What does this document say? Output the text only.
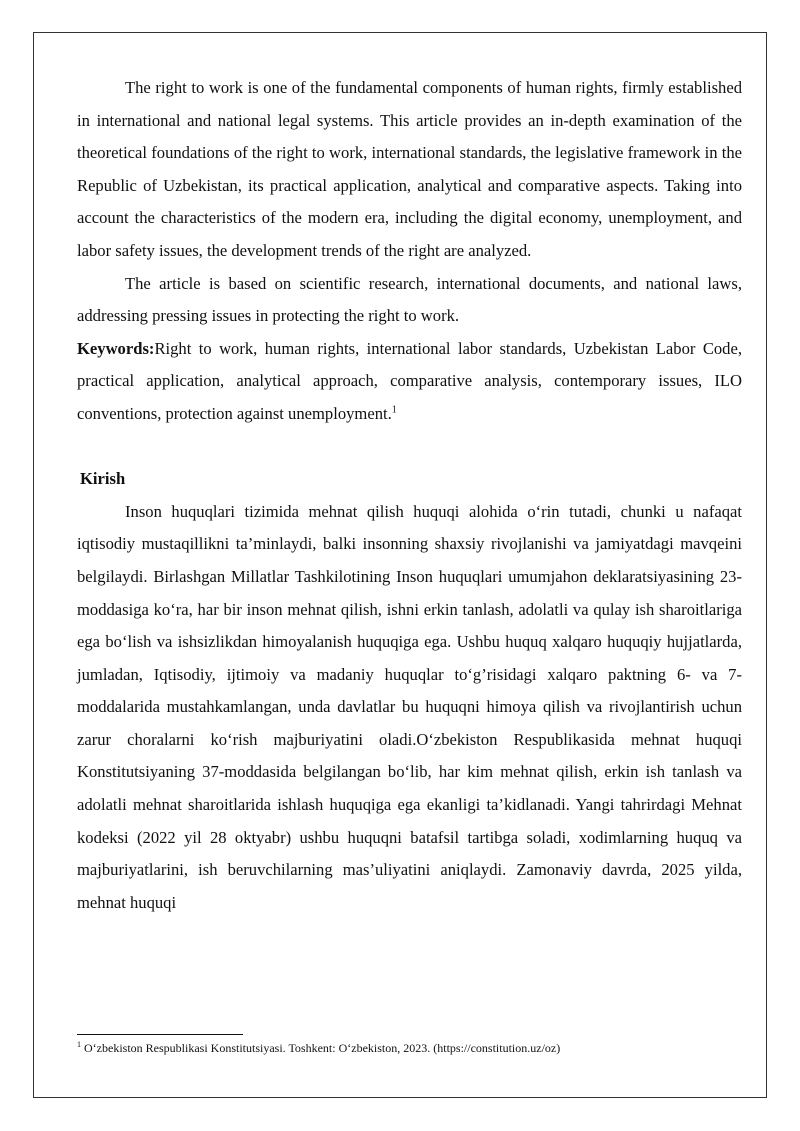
The right to work is one of the fundamental components of human rights, firmly established in international and national legal systems. This article provides an in-depth examination of the theoretical foundations of the right to work, international standards, the legislative framework in the Republic of Uzbekistan, its practical application, analytical and comparative aspects. Taking into account the characteristics of the modern era, including the digital economy, unemployment, and labor safety issues, the development trends of the right are analyzed.

The article is based on scientific research, international documents, and national laws, addressing pressing issues in protecting the right to work.

Keywords:Right to work, human rights, international labor standards, Uzbekistan Labor Code, practical application, analytical approach, comparative analysis, contemporary issues, ILO conventions, protection against unemployment.$^1$

Kirish

Inson huquqlari tizimida mehnat qilish huquqi alohida o‘rin tutadi, chunki u nafaqat iqtisodiy mustaqillikni ta’minlaydi, balki insonning shaxsiy rivojlanishi va jamiyatdagi mavqeini belgilaydi. Birlashgan Millatlar Tashkilotining Inson huquqlari umumjahon deklaratsiyasining 23-moddasiga ko‘ra, har bir inson mehnat qilish, ishni erkin tanlash, adolatli va qulay ish sharoitlariga ega bo‘lish va ishsizlikdan himoyalanish huquqiga ega. Ushbu huquq xalqaro huquqiy hujjatlarda, jumladan, Iqtisodiy, ijtimoiy va madaniy huquqlar to‘g’risidagi xalqaro paktning 6- va 7-moddalarida mustahkamlangan, unda davlatlar bu huquqni himoya qilish va rivojlantirish uchun zarur choralarni ko‘rish majburiyatini oladi.O‘zbekiston Respublikasida mehnat huquqi Konstitutsiyaning 37-moddasida belgilangan bo‘lib, har kim mehnat qilish, erkin ish tanlash va adolatli mehnat sharoitlarida ishlash huquqiga ega ekanligi ta’kidlanadi. Yangi tahrirdagi Mehnat kodeksi (2022 yil 28 oktyabr) ushbu huquqni batafsil tartibga soladi, xodimlarning huquq va majburiyatlarini, ish beruvchilarning mas’uliyatini aniqlaydi. Zamonaviy davrda, 2025 yilda, mehnat huquqi

$^1$ O‘zbekiston Respublikasi Konstitutsiyasi. Toshkent: O‘zbekiston, 2023. (https://constitution.uz/oz)
